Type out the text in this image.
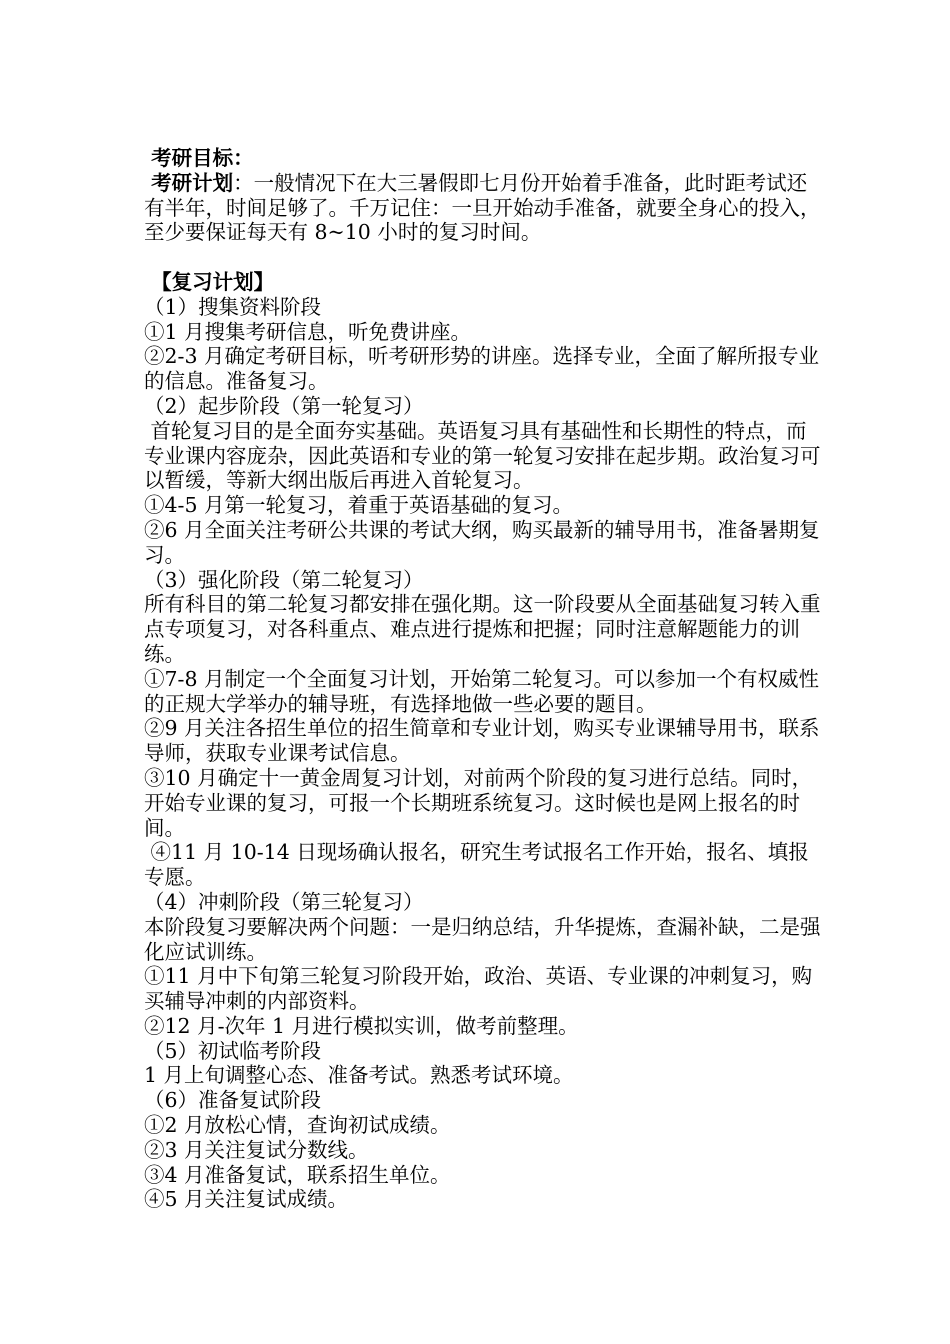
考研目标：

考研计划：一般情况下在大三暑假即七月份开始着手准备，此时距考试还有半年，时间足够了。千万记住：一旦开始动手准备，就要全身心的投入，至少要保证每天有 8~10 小时的复习时间。

【复习计划】

（1）搜集资料阶段

①1 月搜集考研信息，听免费讲座。

②2-3 月确定考研目标，听考研形势的讲座。选择专业，全面了解所报专业的信息。准备复习。

（2）起步阶段（第一轮复习）

首轮复习目的是全面夯实基础。英语复习具有基础性和长期性的特点，而专业课内容庞杂，因此英语和专业的第一轮复习安排在起步期。政治复习可以暂缓，等新大纲出版后再进入首轮复习。

①4-5 月第一轮复习，着重于英语基础的复习。

②6 月全面关注考研公共课的考试大纲，购买最新的辅导用书，准备暑期复习。

（3）强化阶段（第二轮复习）

所有科目的第二轮复习都安排在强化期。这一阶段要从全面基础复习转入重点专项复习，对各科重点、难点进行提炼和把握；同时注意解题能力的训练。

①7-8 月制定一个全面复习计划，开始第二轮复习。可以参加一个有权威性的正规大学举办的辅导班，有选择地做一些必要的题目。

②9 月关注各招生单位的招生简章和专业计划，购买专业课辅导用书，联系导师，获取专业课考试信息。

③10 月确定十一黄金周复习计划，对前两个阶段的复习进行总结。同时，开始专业课的复习，可报一个长期班系统复习。这时候也是网上报名的时间。

④11 月 10-14 日现场确认报名，研究生考试报名工作开始，报名、填报专愿。

（4）冲刺阶段（第三轮复习）

本阶段复习要解决两个问题：一是归纳总结，升华提炼，查漏补缺，二是强化应试训练。

①11 月中下旬第三轮复习阶段开始，政治、英语、专业课的冲刺复习，购买辅导冲刺的内部资料。

②12 月-次年 1 月进行模拟实训，做考前整理。

（5）初试临考阶段

1 月上旬调整心态、准备考试。熟悉考试环境。

（6）准备复试阶段

①2 月放松心情，查询初试成绩。

②3 月关注复试分数线。

③4 月准备复试，联系招生单位。

④5 月关注复试成绩。
